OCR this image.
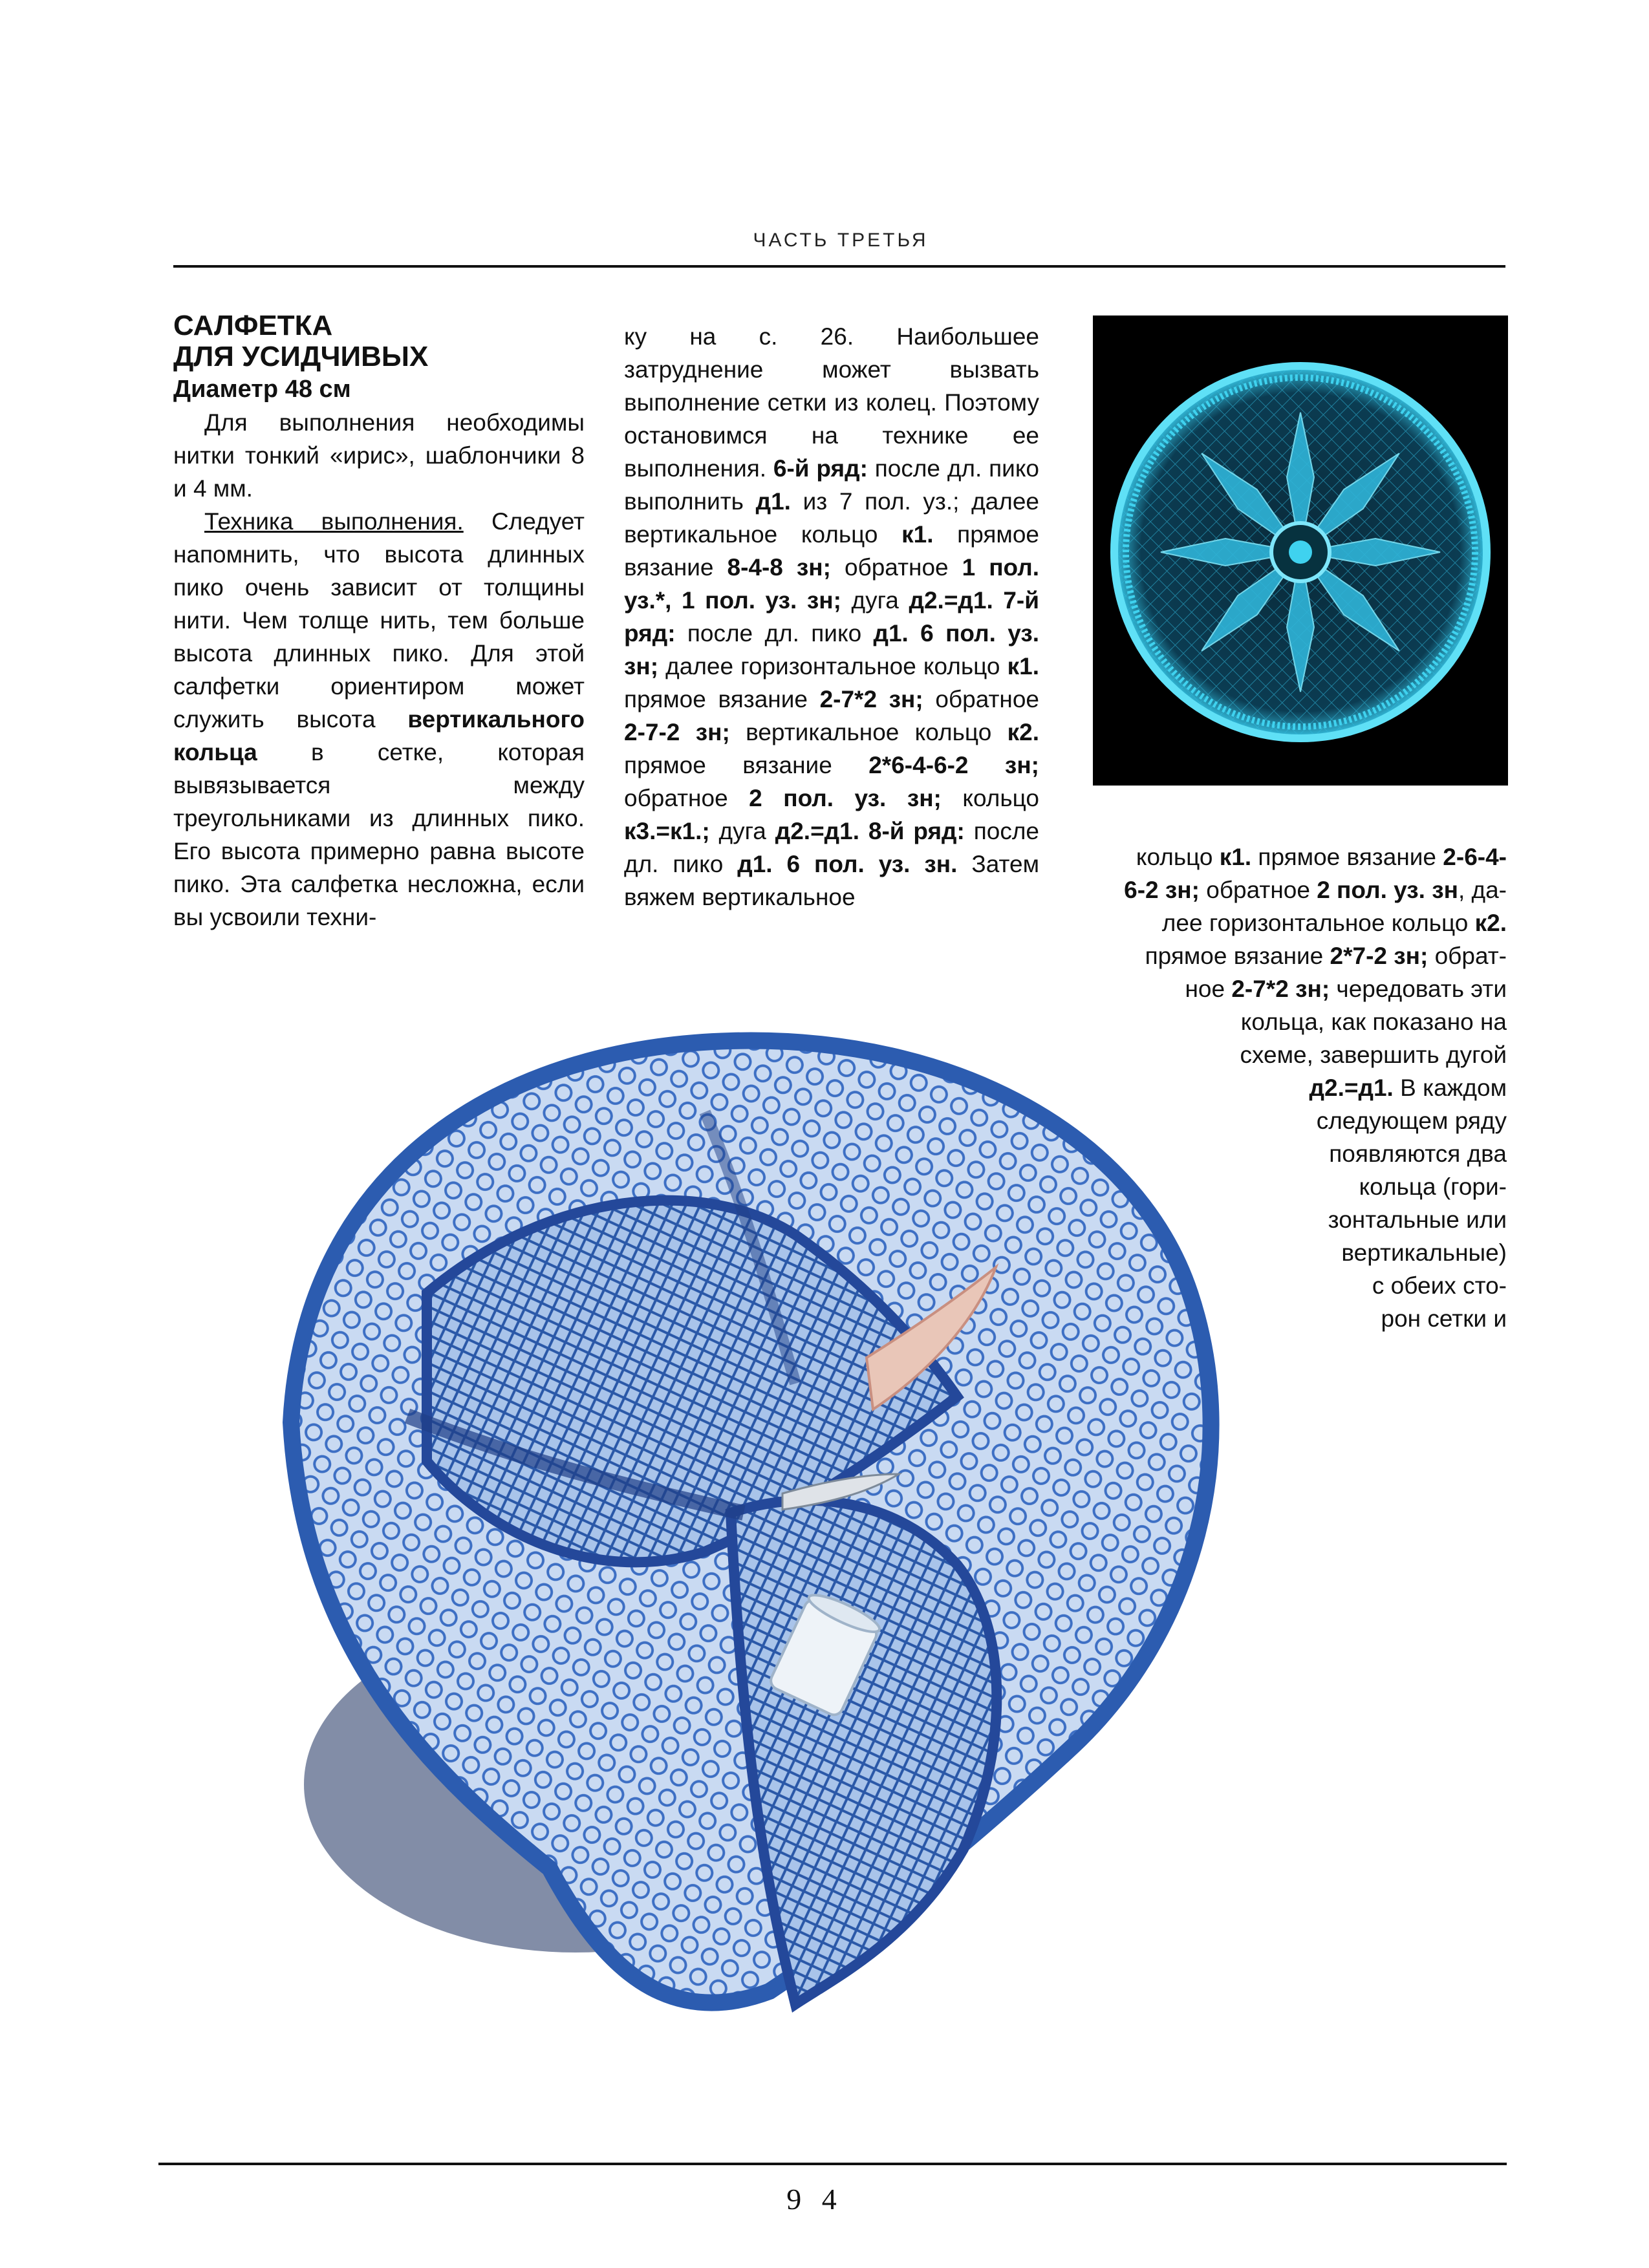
ЧАСТЬ ТРЕТЬЯ

САЛФЕТКА

ДЛЯ УСИДЧИВЫХ

Диаметр 48 см

Для выполнения необходимы нитки тонкий «ирис», шаблончики 8 и 4 мм.

Техника выполнения. Следует напомнить, что высота длинных пико очень зависит от толщины нити. Чем толще нить, тем больше высота длинных пико. Для этой салфетки ориентиром может служить высота вертикального кольца в сетке, которая вывязывается между треугольниками из длинных пико. Его высота примерно равна высоте пико. Эта салфетка несложна, если вы усвоили техни-

ку на с. 26. Наибольшее затруднение может вызвать выполнение сетки из колец. Поэтому остановимся на технике ее выполнения. 6-й ряд: после дл. пико выполнить д1. из 7 пол. уз.; далее вертикальное кольцо к1. прямое вязание 8-4-8 зн; обратное 1 пол. уз.*, 1 пол. уз. зн; дуга д2.=д1. 7-й ряд: после дл. пико д1. 6 пол. уз. зн; далее горизонтальное кольцо к1. прямое вязание 2-7*2 зн; обратное 2-7-2 зн; вертикальное кольцо к2. прямое вязание 2*6-4-6-2 зн; обратное 2 пол. уз. зн; кольцо к3.=к1.; дуга д2.=д1. 8-й ряд: после дл. пико д1. 6 пол. уз. зн. Затем вяжем вертикальное

кольцо к1. прямое вязание 2-6-4-
6-2 зн; обратное 2 пол. уз. зн, да-
лее горизонтальное кольцо к2.
прямое вязание 2*7-2 зн; обрат-
ное 2-7*2 зн; чередовать эти
кольца, как показано на
схеме, завершить дугой
д2.=д1. В каждом
следующем ряду
появляются два
кольца (гори-
зонтальные или
вертикальные)
с обеих сто-
рон сетки и
9 4
